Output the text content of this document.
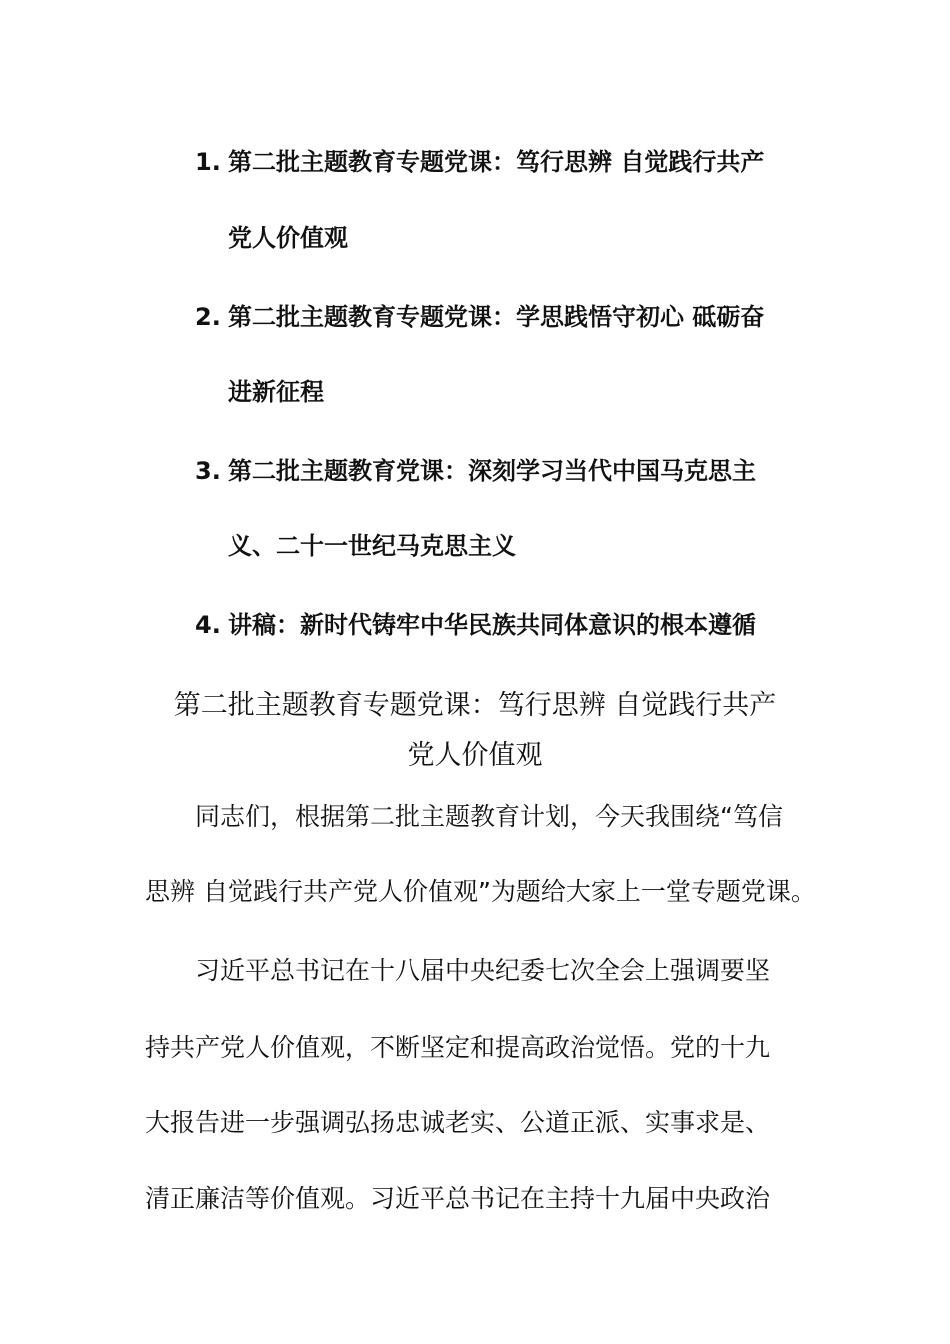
1. 第二批主题教育专题党课：笃行思辨 自觉践行共产
党人价值观
2. 第二批主题教育专题党课：学思践悟守初心 砥砺奋
进新征程
3. 第二批主题教育党课：深刻学习当代中国马克思主
义、二十一世纪马克思主义
4. 讲稿：新时代铸牢中华民族共同体意识的根本遵循
第二批主题教育专题党课：笃行思辨 自觉践行共产
党人价值观
同志们，根据第二批主题教育计划，今天我围绕“笃信
思辨 自觉践行共产党人价值观”为题给大家上一堂专题党课。
习近平总书记在十八届中央纪委七次全会上强调要坚
持共产党人价值观，不断坚定和提高政治觉悟。党的十九
大报告进一步强调弘扬忠诚老实、公道正派、实事求是、
清正廉洁等价值观。习近平总书记在主持十九届中央政治
